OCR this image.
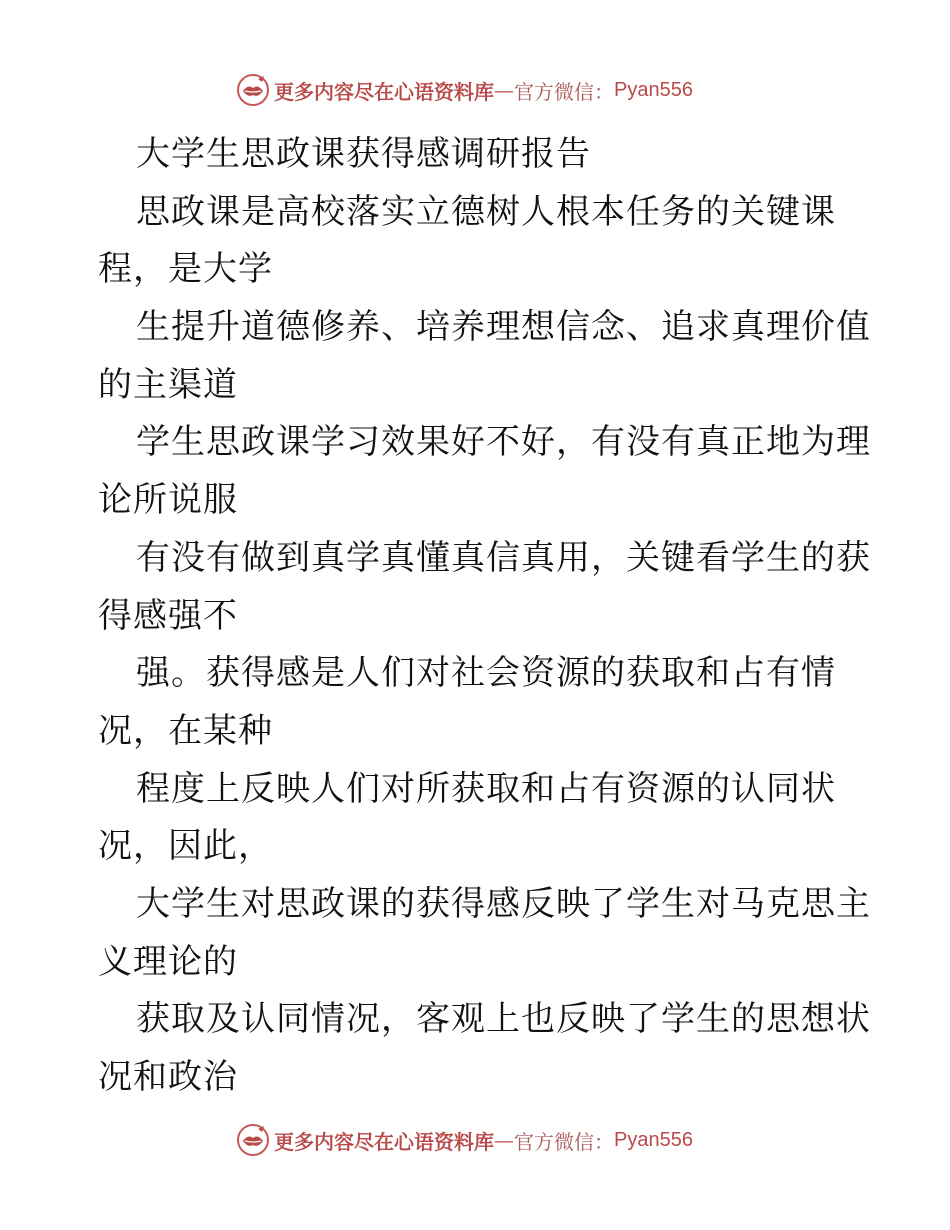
更多内容尽在心语资料库 — 官方微信： Pyan556
大学生思政课获得感调研报告
思政课是高校落实立德树人根本任务的关键课
程，是大学
生提升道德修养、培养理想信念、追求真理价值
的主渠道
学生思政课学习效果好不好，有没有真正地为理
论所说服
有没有做到真学真懂真信真用，关键看学生的获
得感强不
强。获得感是人们对社会资源的获取和占有情
况，在某种
程度上反映人们对所获取和占有资源的认同状
况，因此，
大学生对思政课的获得感反映了学生对马克思主
义理论的
获取及认同情况，客观上也反映了学生的思想状
况和政治
更多内容尽在心语资料库 — 官方微信： Pyan556
